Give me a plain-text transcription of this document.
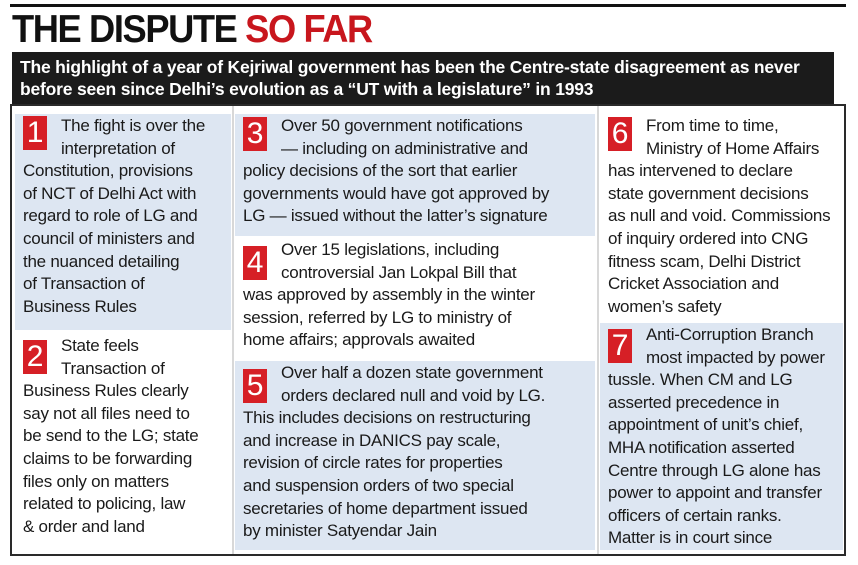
THE DISPUTE SO FAR

The highlight of a year of Kejriwal government has been the Centre-state disagreement as never

before seen since Delhi’s evolution as a “UT with a legislature” in 1993

1	The fight is over the
interpretation of
Constitution, provisions
of NCT of Delhi Act with
regard to role of LG and
council of ministers and
the nuanced detailing
of Transaction of
Business Rules
2	State feels
Transaction of
Business Rules clearly
say not all files need to
be send to the LG; state
claims to be forwarding
files only on matters
related to policing, law
& order and land
3	Over 50 government notifications
— including on administrative and
policy decisions of the sort that earlier
governments would have got approved by
LG — issued without the latter’s signature
4	Over 15 legislations, including
controversial Jan Lokpal Bill that
was approved by assembly in the winter
session, referred by LG to ministry of
home affairs; approvals awaited
5	Over half a dozen state government
orders declared null and void by LG.
This includes decisions on restructuring
and increase in DANICS pay scale,
revision of circle rates for properties
and suspension orders of two special
secretaries of home department issued
by minister Satyendar Jain
6	From time to time,
Ministry of Home Affairs
has intervened to declare
state government decisions
as null and void. Commissions
of inquiry ordered into CNG
fitness scam, Delhi District
Cricket Association and
women’s safety
7	Anti-Corruption Branch
most impacted by power
tussle. When CM and LG
asserted precedence in
appointment of unit’s chief,
MHA notification asserted
Centre through LG alone has
power to appoint and transfer
officers of certain ranks.
Matter is in court since
